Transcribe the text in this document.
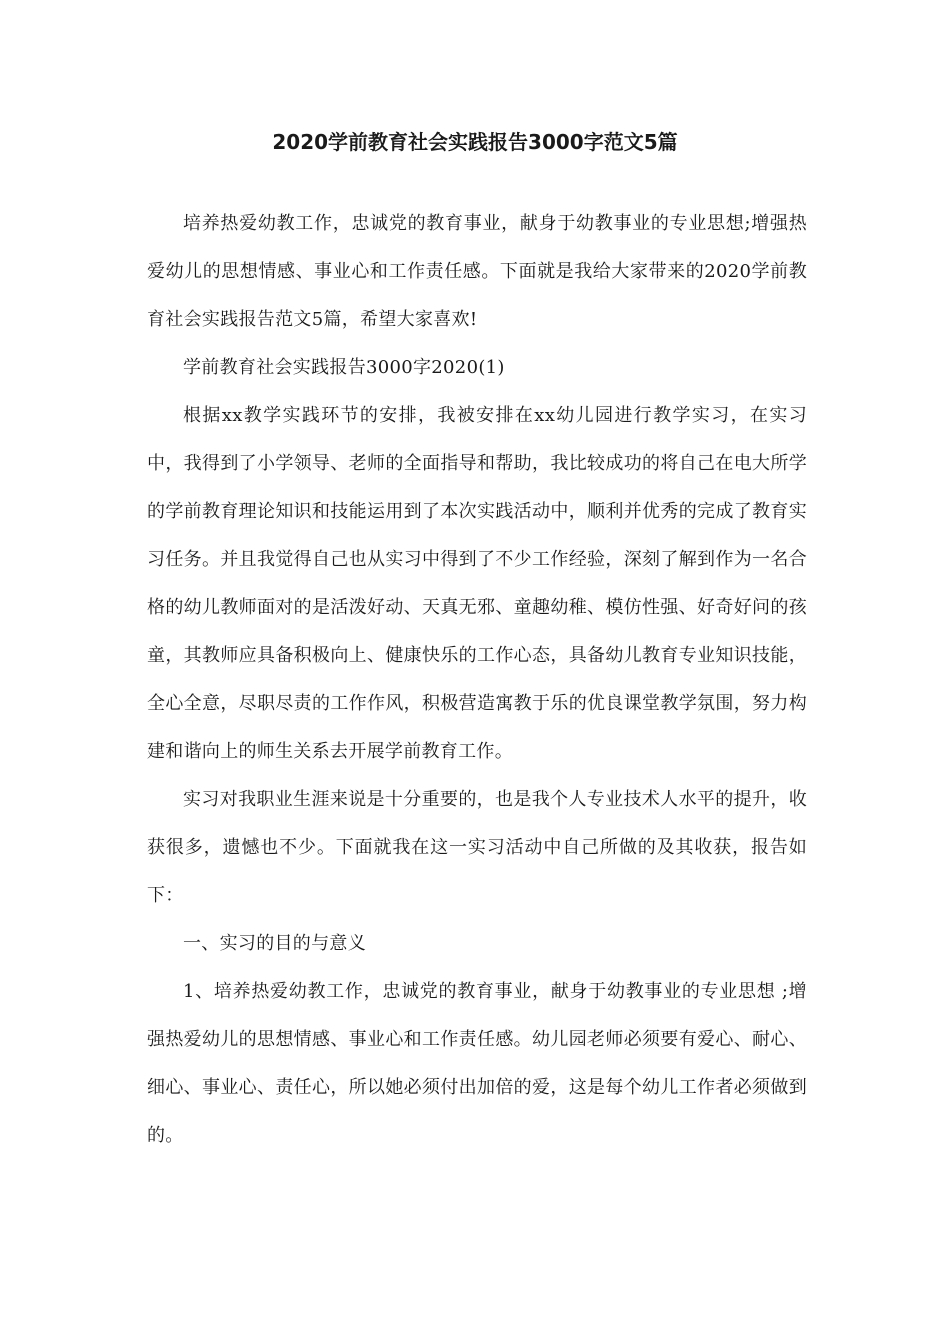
2020学前教育社会实践报告3000字范文5篇

培养热爱幼教工作，忠诚党的教育事业，献身于幼教事业的专业思想;增强热爱幼儿的思想情感、事业心和工作责任感。下面就是我给大家带来的2020学前教育社会实践报告范文5篇，希望大家喜欢!

学前教育社会实践报告3000字2020(1)

根据xx教学实践环节的安排，我被安排在xx幼儿园进行教学实习，在实习中，我得到了小学领导、老师的全面指导和帮助，我比较成功的将自己在电大所学的学前教育理论知识和技能运用到了本次实践活动中，顺利并优秀的完成了教育实习任务。并且我觉得自己也从实习中得到了不少工作经验，深刻了解到作为一名合格的幼儿教师面对的是活泼好动、天真无邪、童趣幼稚、模仿性强、好奇好问的孩童，其教师应具备积极向上、健康快乐的工作心态，具备幼儿教育专业知识技能，全心全意，尽职尽责的工作作风，积极营造寓教于乐的优良课堂教学氛围，努力构建和谐向上的师生关系去开展学前教育工作。

实习对我职业生涯来说是十分重要的，也是我个人专业技术人水平的提升，收获很多，遗憾也不少。下面就我在这一实习活动中自己所做的及其收获，报告如下：

一、实习的目的与意义

1、培养热爱幼教工作，忠诚党的教育事业，献身于幼教事业的专业思想 ;增强热爱幼儿的思想情感、事业心和工作责任感。幼儿园老师必须要有爱心、耐心、细心、事业心、责任心，所以她必须付出加倍的爱，这是每个幼儿工作者必须做到的。
